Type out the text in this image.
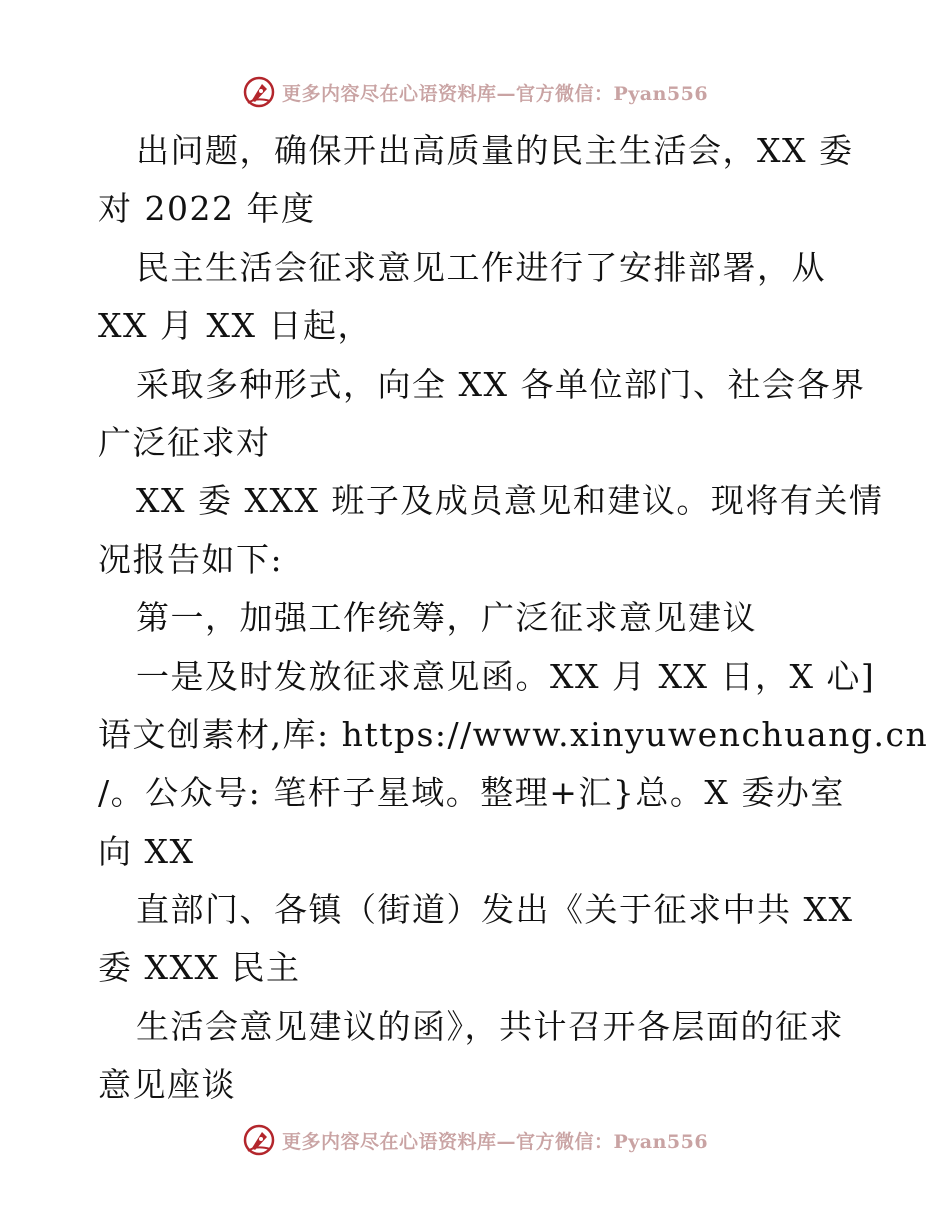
更多内容尽在心语资料库—官方微信：Pyan556
出问题，确保开出高质量的民主生活会，XX 委
对 2022 年度
民主生活会征求意见工作进行了安排部署，从
XX 月 XX 日起，
采取多种形式，向全 XX 各单位部门、社会各界
广泛征求对
XX 委 XXX 班子及成员意见和建议。现将有关情
况报告如下:
第一，加强工作统筹，广泛征求意见建议
一是及时发放征求意见函。XX 月 XX 日，X 心]
语文创素材,库: https://www.xinyuwenchuang.cn
/。公众号: 笔杆子星域。整理+汇}总。X 委办室
向 XX
直部门、各镇（街道）发出《关于征求中共 XX
委 XXX 民主
生活会意见建议的函》，共计召开各层面的征求
意见座谈
更多内容尽在心语资料库—官方微信：Pyan556
